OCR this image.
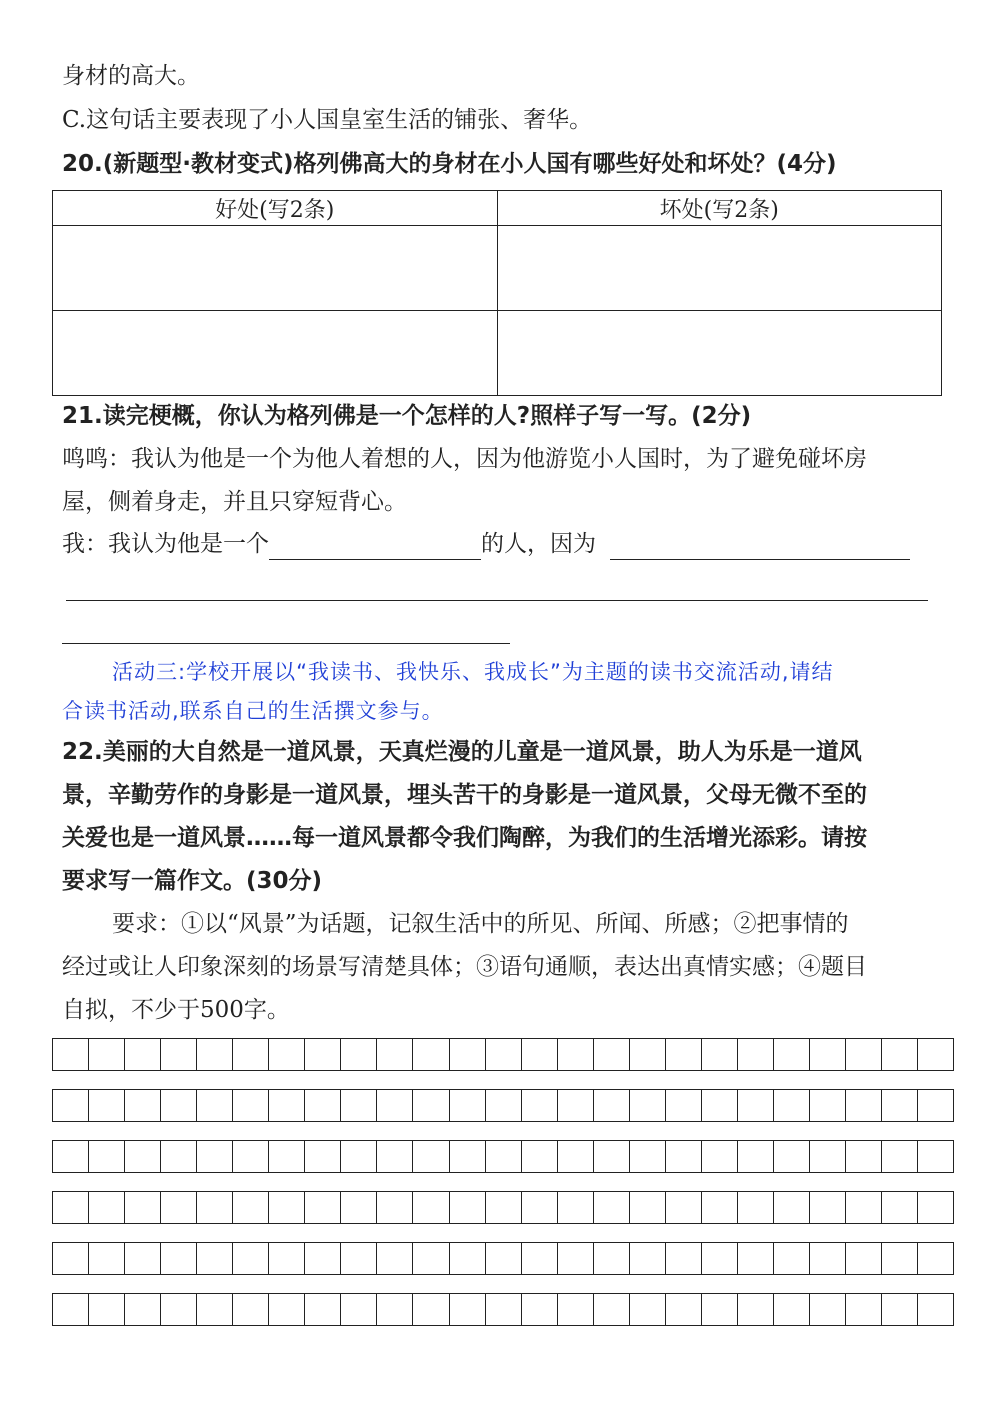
身材的高大。
C.这句话主要表现了小人国皇室生活的铺张、奢华。
20.(新题型·教材变式)格列佛高大的身材在小人国有哪些好处和坏处？(4分)
好处(写2条)	坏处(写2条)

21.读完梗概，你认为格列佛是一个怎样的人?照样子写一写。(2分)
鸣鸣：我认为他是一个为他人着想的人，因为他游览小人国时，为了避免碰坏房
屋，侧着身走，并且只穿短背心。
我：我认为他是一个	的人，因为
活动三:学校开展以“我读书、我快乐、我成长”为主题的读书交流活动,请结
合读书活动,联系自己的生活撰文参与。
22.美丽的大自然是一道风景，天真烂漫的儿童是一道风景，助人为乐是一道风
景，辛勤劳作的身影是一道风景，埋头苦干的身影是一道风景，父母无微不至的
关爱也是一道风景……每一道风景都令我们陶醉，为我们的生活增光添彩。请按
要求写一篇作文。(30分)
要求：①以“风景”为话题，记叙生活中的所见、所闻、所感；②把事情的
经过或让人印象深刻的场景写清楚具体；③语句通顺，表达出真情实感；④题目
自拟，不少于500字。
